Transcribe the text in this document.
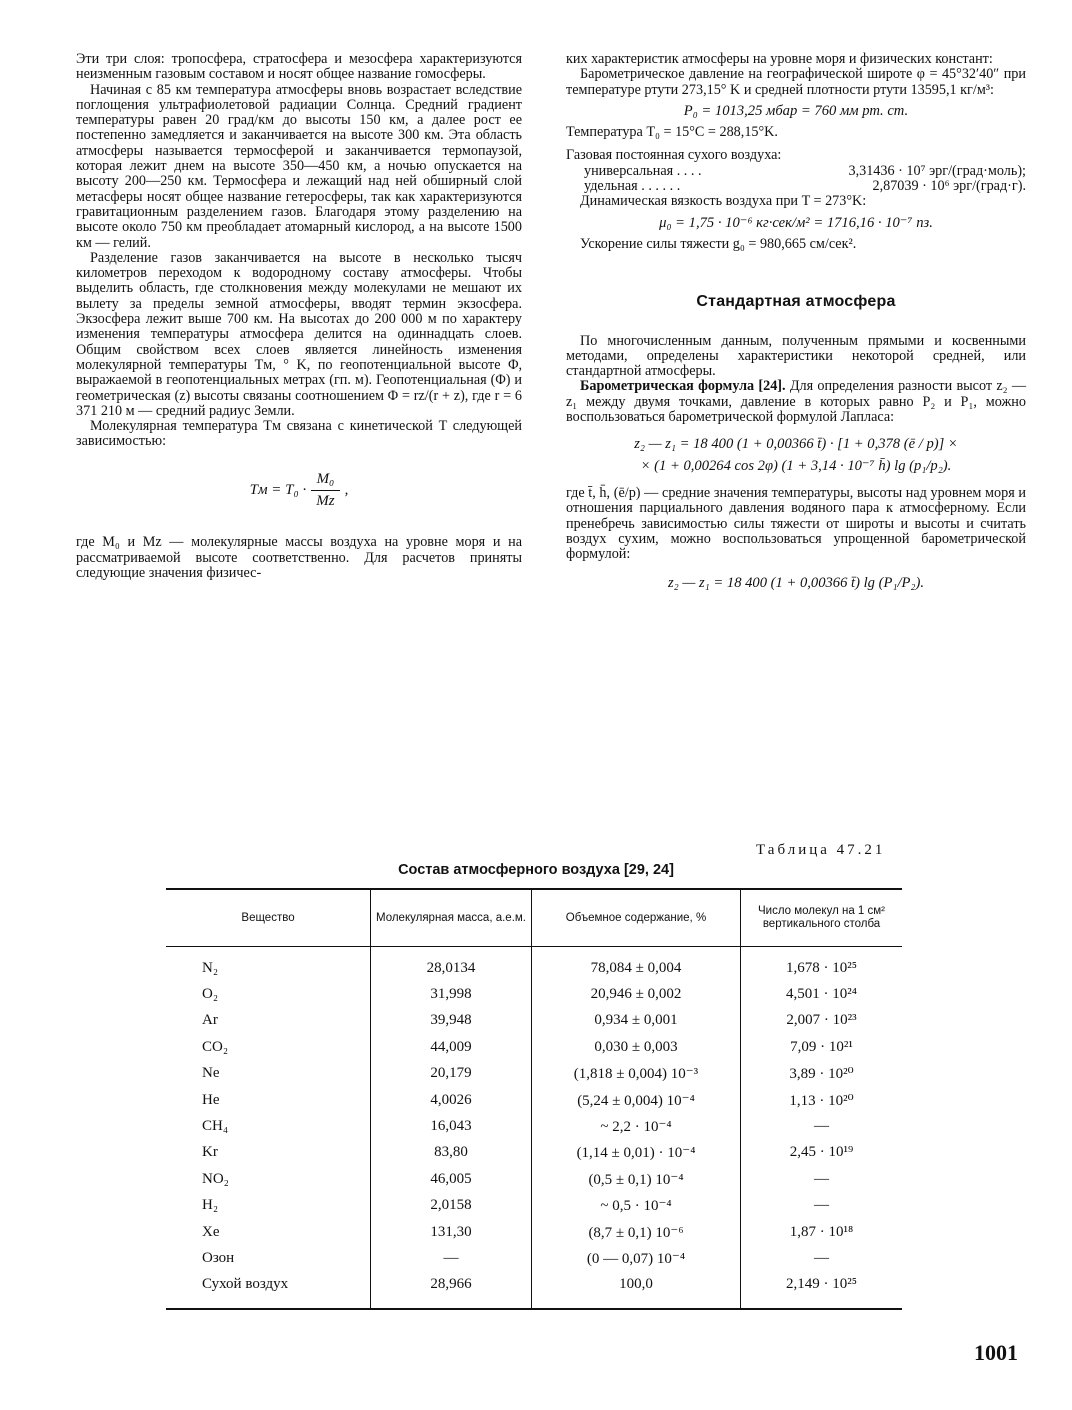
Эти три слоя: тропосфера, стратосфера и мезосфера характеризуются неизменным газовым составом и носят общее название гомосферы.

Начиная с 85 км температура атмосферы вновь возрастает вследствие поглощения ультрафиолетовой радиации Солнца. Средний градиент температуры равен 20 град/км до высоты 150 км, а далее рост ее постепенно замедляется и заканчивается на высоте 300 км. Эта область атмосферы называется термосферой и заканчивается термопаузой, которая лежит днем на высоте 350—450 км, а ночью опускается на высоту 200—250 км. Термосфера и лежащий над ней обширный слой метасферы носят общее название гетеросферы, так как характеризуются гравитационным разделением газов. Благодаря этому разделению на высоте около 750 км преобладает атомарный кислород, а на высоте 1500 км — гелий.

Разделение газов заканчивается на высоте в несколько тысяч километров переходом к водородному составу атмосферы. Чтобы выделить область, где столкновения между молекулами не мешают их вылету за пределы земной атмосферы, вводят термин экзосфера. Экзосфера лежит выше 700 км. На высотах до 200 000 м по характеру изменения температуры атмосфера делится на одиннадцать слоев. Общим свойством всех слоев является линейность изменения молекулярной температуры Tм, ° K, по геопотенциальной высоте Φ, выражаемой в геопотенциальных метрах (гп. м). Геопотенциальная (Φ) и геометрическая (z) высоты связаны соотношением Φ = rz/(r + z), где r = 6 371 210 м — средний радиус Земли.

Молекулярная температура Tм связана с кинетической T следующей зависимостью:

Tм = $T_0 \cdot \frac{\text{M₀}}{Mz}$ ,

где M₀ и Mz — молекулярные массы воздуха на уровне моря и на рассматриваемой высоте соответственно. Для расчетов приняты следующие значения физичес-

ких характеристик атмосферы на уровне моря и физических констант:

Барометрическое давление на географической широте φ = 45°32′40″ при температуре ртути 273,15° K и средней плотности ртути 13595,1 кг/м³:

P₀ = 1013,25 мбар = 760 мм рт. ст.

Температура T₀ = 15°C = 288,15°K.

Газовая постоянная сухого воздуха:

универсальная . . . .	3,31436 · 10⁷ эрг/(град·моль);
удельная . . . . . .	2,87039 · 10⁶ эрг/(град·г).

Динамическая вязкость воздуха при T = 273°K:

μ₀ = 1,75 · 10⁻⁶ кг·сек/м² = 1716,16 · 10⁻⁷ пз.

Ускорение силы тяжести g₀ = 980,665 см/сек².

Стандартная атмосфера

По многочисленным данным, полученным прямыми и косвенными методами, определены характеристики некоторой средней, или стандартной атмосферы.

Барометрическая формула [24]. Для определения разности высот z₂ — z₁ между двумя точками, давление в которых равно P₂ и P₁, можно воспользоваться барометрической формулой Лапласа:

z₂ — z₁ = 18 400 (1 + 0,00366 t̄) · [1 + 0,378 (ē / p)] ×
× (1 + 0,00264 cos 2φ) (1 + 3,14 · 10⁻⁷ h̄) lg (p₁/p₂).

где t̄, h̄, (ē/p) — средние значения температуры, высоты над уровнем моря и отношения парциального давления водяного пара к атмосферному. Если пренебречь зависимостью силы тяжести от широты и высоты и считать воздух сухим, можно воспользоваться упрощенной барометрической формулой:

z₂ — z₁ = 18 400 (1 + 0,00366 t̄) lg (P₁/P₂).
Таблица 47.21
Состав атмосферного воздуха [29, 24]
Вещество	Молекулярная масса, а.е.м.	Объемное содержание, %	Число молекул на 1 см² вертикального столба
N₂	28,0134	78,084 ± 0,004	1,678 · 10²⁵
O₂	31,998	20,946 ± 0,002	4,501 · 10²⁴
Ar	39,948	0,934 ± 0,001	2,007 · 10²³
CO₂	44,009	0,030 ± 0,003	7,09 · 10²¹
Ne	20,179	(1,818 ± 0,004) 10⁻³	3,89 · 10²⁰
He	4,0026	(5,24 ± 0,004) 10⁻⁴	1,13 · 10²⁰
CH₄	16,043	~ 2,2 · 10⁻⁴	—
Kr	83,80	(1,14 ± 0,01) · 10⁻⁴	2,45 · 10¹⁹
NO₂	46,005	(0,5 ± 0,1) 10⁻⁴	—
H₂	2,0158	~ 0,5 · 10⁻⁴	—
Xe	131,30	(8,7 ± 0,1) 10⁻⁶	1,87 · 10¹⁸
Озон	—	(0 — 0,07) 10⁻⁴	—
Сухой воздух	28,966	100,0	2,149 · 10²⁵
1001
